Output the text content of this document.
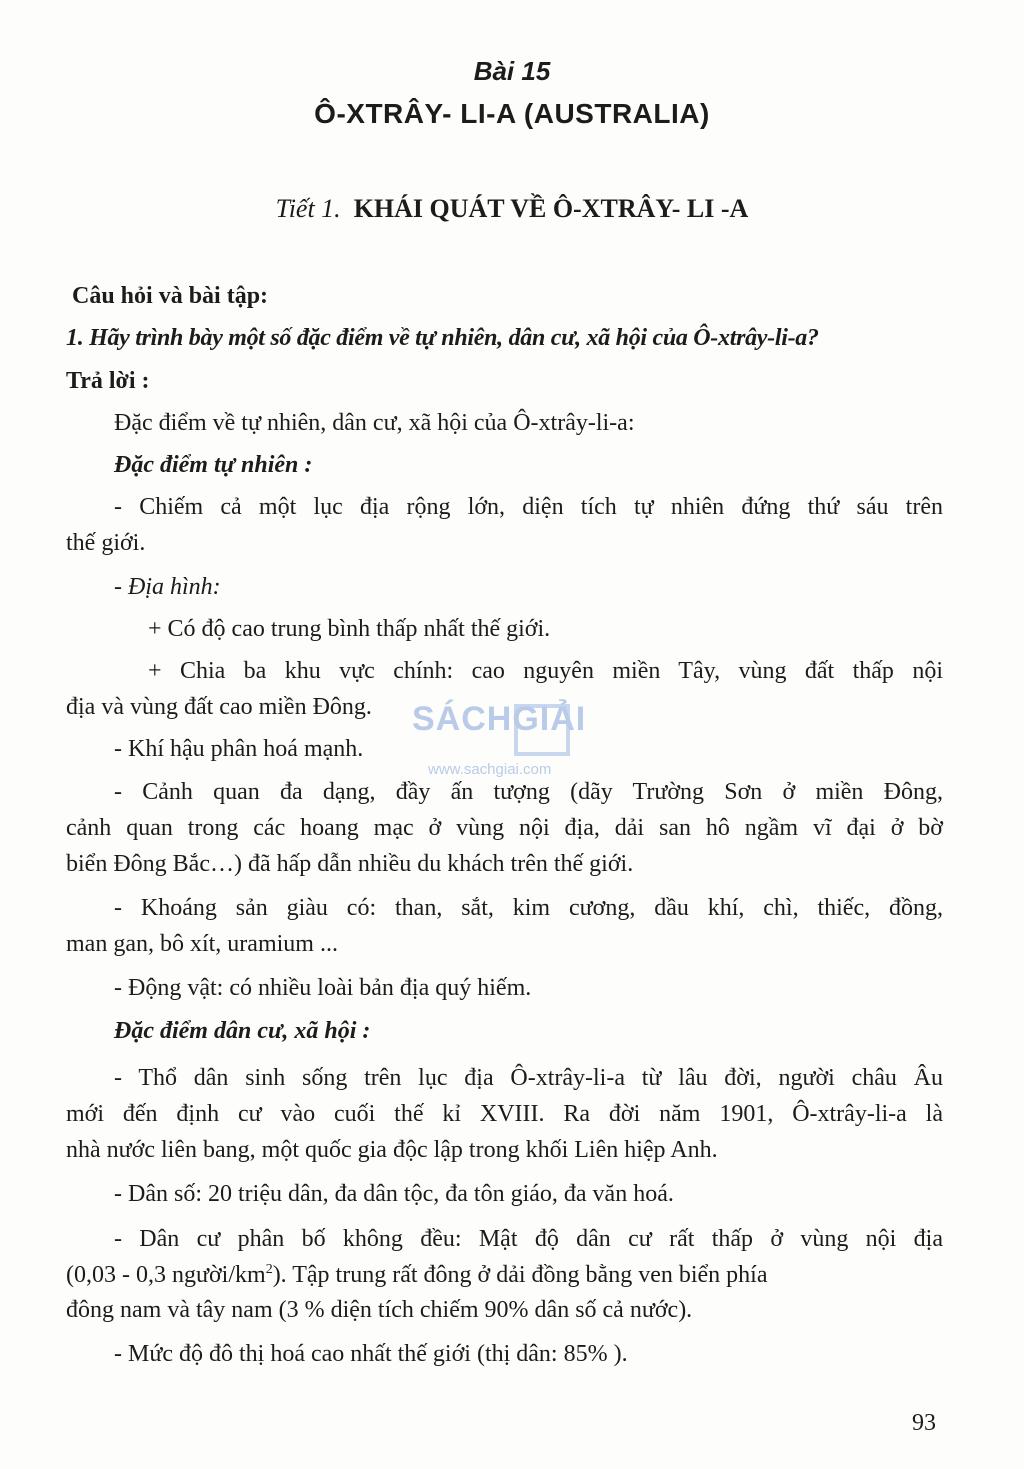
Bài 15
Ô-XTRÂY- LI-A (AUSTRALIA)
Tiết 1. KHÁI QUÁT VỀ Ô-XTRÂY- LI -A
Câu hỏi và bài tập:
1. Hãy trình bày một số đặc điểm về tự nhiên, dân cư, xã hội của Ô-xtrây-li-a?
Trả lời :
Đặc điểm về tự nhiên, dân cư, xã hội của Ô-xtrây-li-a:
Đặc điểm tự nhiên :
- Chiếm cả một lục địa rộng lớn, diện tích tự nhiên đứng thứ sáu trên
thế giới.
- Địa hình:
+ Có độ cao trung bình thấp nhất thế giới.
+ Chia ba khu vực chính: cao nguyên miền Tây, vùng đất thấp nội
địa và vùng đất cao miền Đông.
- Khí hậu phân hoá mạnh.
- Cảnh quan đa dạng, đầy ấn tượng (dãy Trường Sơn ở miền Đông,
cảnh quan trong các hoang mạc ở vùng nội địa, dải san hô ngầm vĩ đại ở bờ
biển Đông Bắc…) đã hấp dẫn nhiều du khách trên thế giới.
- Khoáng sản giàu có: than, sắt, kim cương, dầu khí, chì, thiếc, đồng,
man gan, bô xít, uramium ...
- Động vật: có nhiều loài bản địa quý hiếm.
Đặc điểm dân cư, xã hội :
- Thổ dân sinh sống trên lục địa Ô-xtrây-li-a từ lâu đời, người châu Âu
mới đến định cư vào cuối thế kỉ XVIII. Ra đời năm 1901, Ô-xtrây-li-a là
nhà nước liên bang, một quốc gia độc lập trong khối Liên hiệp Anh.
- Dân số: 20 triệu dân, đa dân tộc, đa tôn giáo, đa văn hoá.
- Dân cư phân bố không đều: Mật độ dân cư rất thấp ở vùng nội địa
(0,03 - 0,3 người/$km^2$). Tập trung rất đông ở dải đồng bằng ven biển phía
đông nam và tây nam (3 % diện tích chiếm 90% dân số cả nước).
- Mức độ đô thị hoá cao nhất thế giới (thị dân: 85% ).
SÁCHGIẢI
www.sachgiai.com
93
